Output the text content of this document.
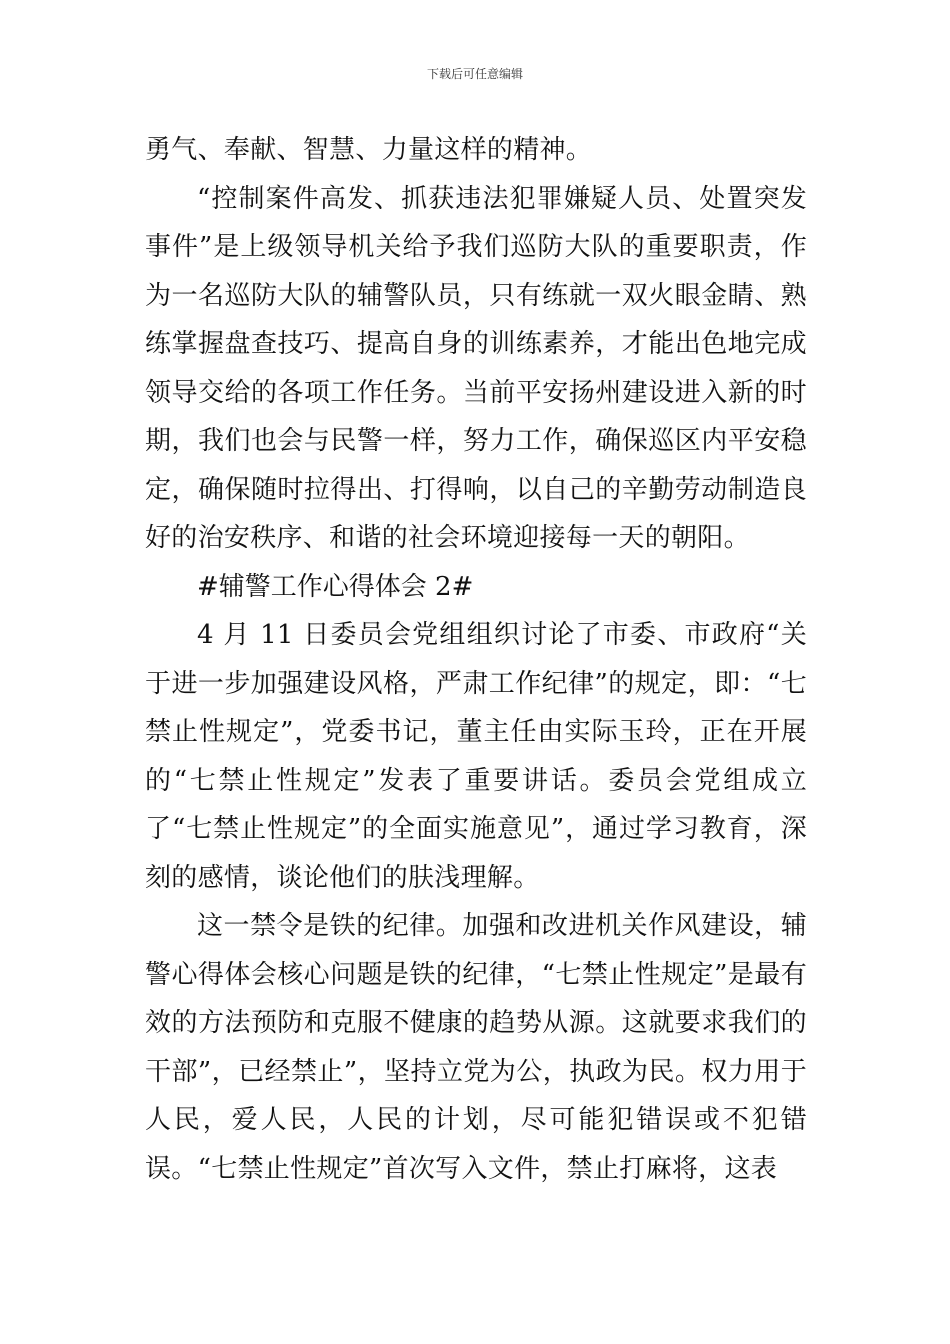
下载后可任意编辑

勇气、奉献、智慧、力量这样的精神。

“控制案件高发、抓获违法犯罪嫌疑人员、处置突发事件”是上级领导机关给予我们巡防大队的重要职责，作为一名巡防大队的辅警队员，只有练就一双火眼金睛、熟练掌握盘查技巧、提高自身的训练素养，才能出色地完成领导交给的各项工作任务。当前平安扬州建设进入新的时期，我们也会与民警一样，努力工作，确保巡区内平安稳定，确保随时拉得出、打得响，以自己的辛勤劳动制造良好的治安秩序、和谐的社会环境迎接每一天的朝阳。

#辅警工作心得体会 2#

4 月 11 日委员会党组组织讨论了市委、市政府“关于进一步加强建设风格，严肃工作纪律”的规定，即：“七禁止性规定”，党委书记，董主任由实际玉玲，正在开展的“七禁止性规定”发表了重要讲话。委员会党组成立了“七禁止性规定”的全面实施意见”，通过学习教育，深刻的感情，谈论他们的肤浅理解。

这一禁令是铁的纪律。加强和改进机关作风建设，辅警心得体会核心问题是铁的纪律，“七禁止性规定”是最有效的方法预防和克服不健康的趋势从源。这就要求我们的干部”，已经禁止”，坚持立党为公，执政为民。权力用于人民，爱人民，人民的计划，尽可能犯错误或不犯错误。“七禁止性规定”首次写入文件，禁止打麻将，这表
